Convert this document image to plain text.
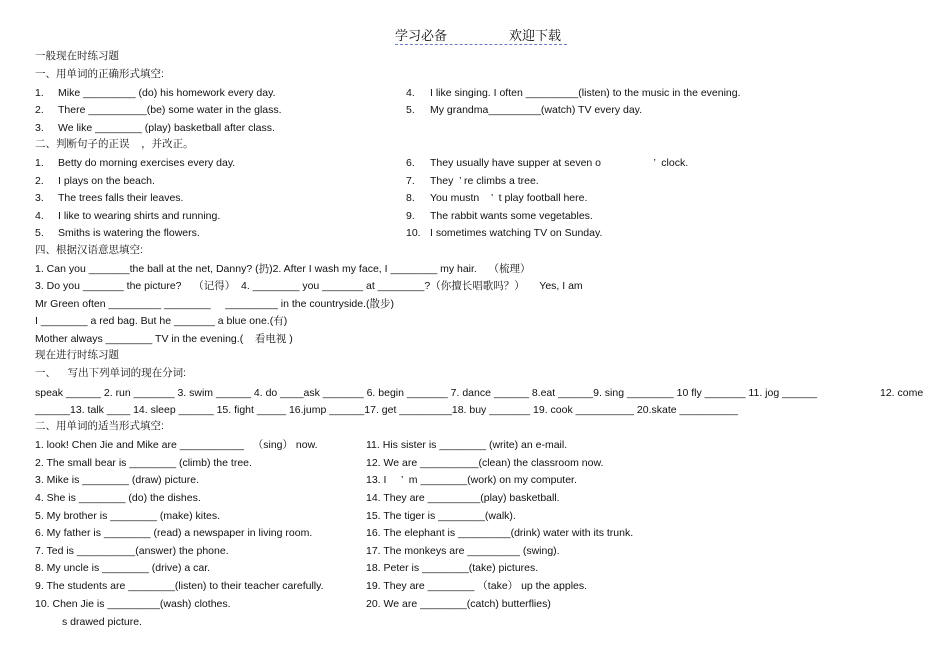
学习必备	欢迎下载
一般现在时练习题
一、用单词的正确形式填空:
1. Mike _________ (do) his homework every day.
2. There __________(be) some water in the glass.
3. We like ________ (play) basketball after class.
4. I like singing. I often _________(listen) to the music in the evening.
5. My grandma_________(watch) TV every day.
二、判断句子的正误    ，并改正。
1. Betty do morning exercises every day.
2. I plays on the beach.
3. The trees falls their leaves.
4. I like to wearing shirts and running.
5. Smiths is watering the flowers.
6. They usually have supper at seven o                  ’  clock.
7. They  ’ re climbs a tree.
8. You mustn    ’  t play football here.
9. The rabbit wants some vegetables.
10. I sometimes watching TV on Sunday.
四、根据汉语意思填空:
1. Can you _______the ball at the net, Danny? (扔)2. After I wash my face, I ________ my hair.    （梳理）
3. Do you _______ the picture?    （记得）  4. ________ you _______ at ________?（你擅长唱歌吗？）     Yes, I am
Mr Green often _________ ________     _________ in the countryside.(散步)
I ________ a red bag. But he _______ a blue one.(有)
Mother always ________ TV in the evening.(    看电视 )
现在进行时练习题
一、    写出下列单词的现在分词:
speak ______ 2. run _______ 3. swim ______ 4. do ____ask _______ 6. begin _______ 7. dance ______ 8.eat ______9. sing ________ 10 fly _______ 11. jog ______	12. come
______13. talk ____ 14. sleep ______ 15. fight _____ 16.jump ______17. get _________18. buy _______ 19. cook __________ 20.skate __________
二、用单词的适当形式填空:
1. look! Chen Jie and Mike are ___________   （sing） now.
2. The small bear is ________ (climb) the tree.
3. Mike is ________ (draw) picture.
4. She is ________ (do) the dishes.
5. My brother is ________ (make) kites.
6. My father is ________ (read) a newspaper in living room.
7. Ted is __________(answer) the phone.
8. My uncle is ________ (drive) a car.
9. The students are ________(listen) to their teacher carefully.
10. Chen Jie is _________(wash) clothes.
11. His sister is ________ (write) an e-mail.
12. We are __________(clean) the classroom now.
13. I     ’  m ________(work) on my computer.
14. They are _________(play) basketball.
15. The tiger is ________(walk).
16. The elephant is _________(drink) water with its trunk.
17. The monkeys are _________ (swing).
18. Peter is ________(take) pictures.
19. They are ________ （take） up the apples.
20. We are ________(catch) butterflies)
s drawed picture.
